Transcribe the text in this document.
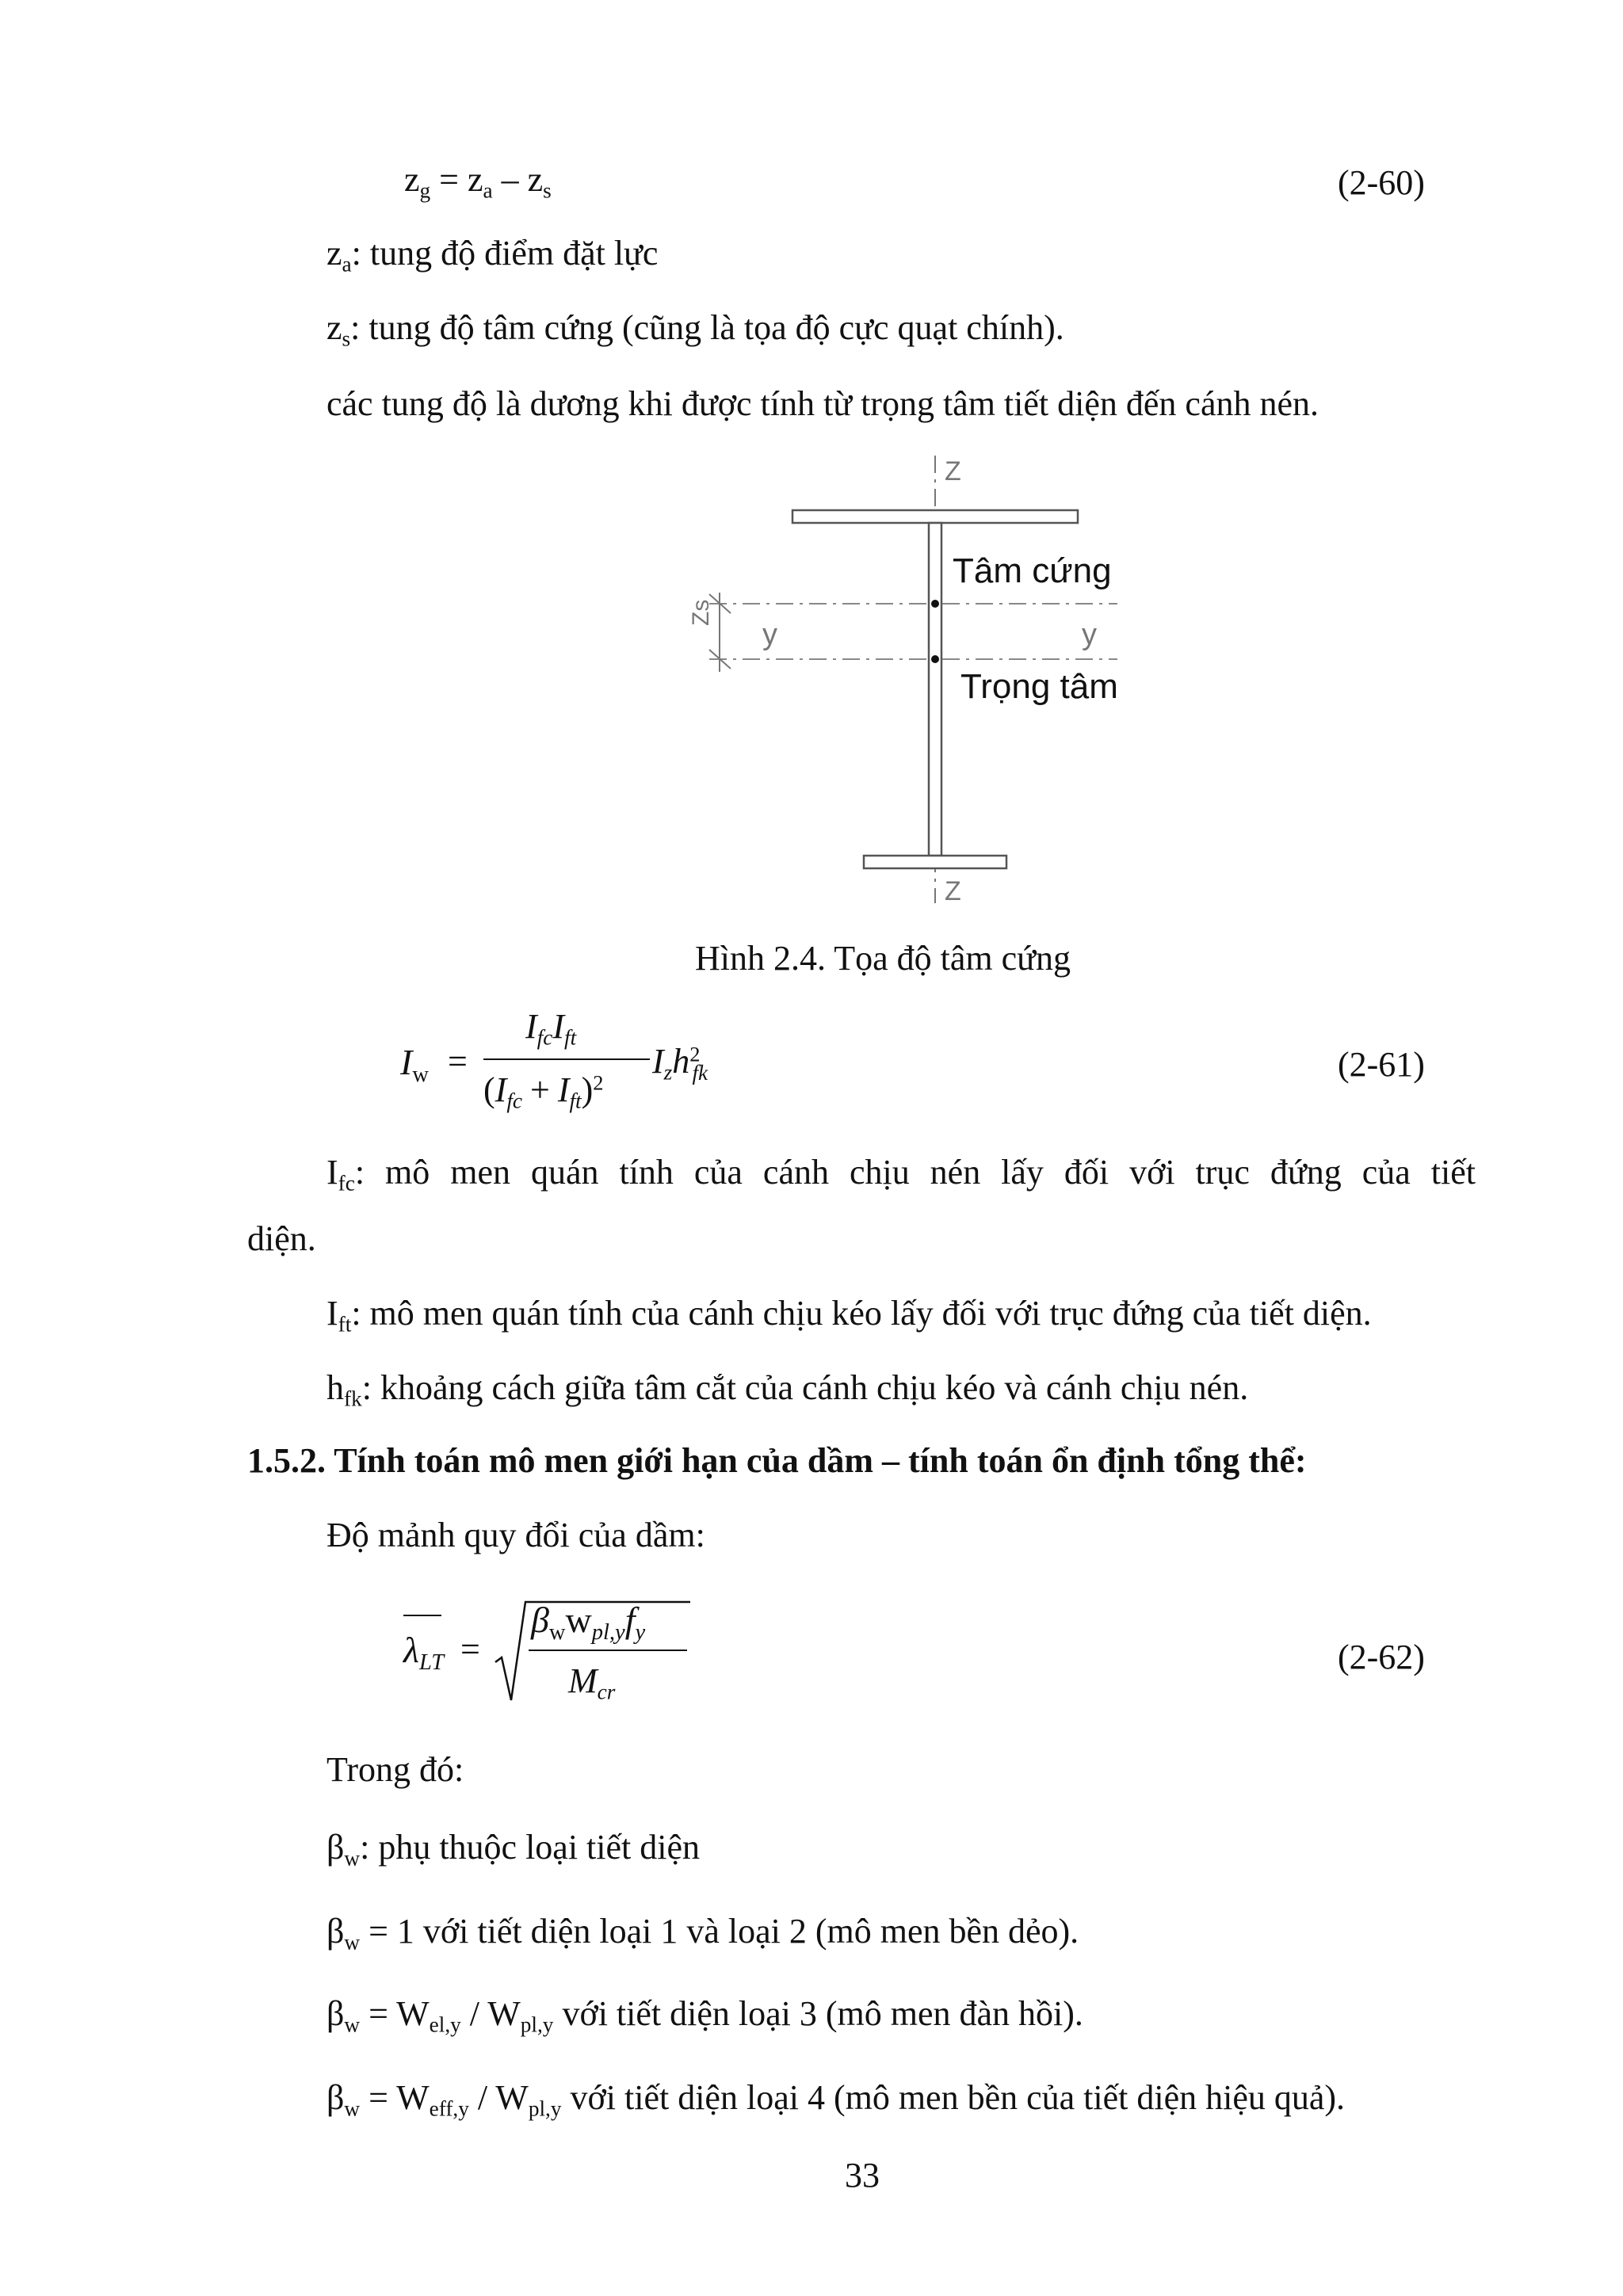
$z_g = z_a - z_s$	(2-60)
$z_a$: tung độ điểm đặt lực
$z_s$: tung độ tâm cứng (cũng là tọa độ cực quạt chính).
các tung độ là dương khi được tính từ trọng tâm tiết diện đến cánh nén.
Z
Z
Tâm cứng
Trọng tâm
y	y
Zs
Hình 2.4. Tọa độ tâm cứng
$I_w$ =
$I_{fc}I_{ft}$
$(I_{fc} + I_{ft})^2$
$I_zh^2_{fk}$	(2-61)
$I_{fc}$: mô men quán tính của cánh chịu nén lấy đối với trục đứng của tiết
diện.
$I_{ft}$: mô men quán tính của cánh chịu kéo lấy đối với trục đứng của tiết diện.
$h_{fk}$: khoảng cách giữa tâm cắt của cánh chịu kéo và cánh chịu nén.
1.5.2. Tính toán mô men giới hạn của dầm – tính toán ổn định tổng thể:
Độ mảnh quy đổi của dầm:
$\lambda_{LT}$ =
$\beta_ww_{pl,y}f_y$
$M_{cr}$
(2-62)
Trong đó:
$\beta_w$: phụ thuộc loại tiết diện
$\beta_w = 1$ với tiết diện loại 1 và loại 2 (mô men bền dẻo).
$\beta_w = W_{el,y} / W_{pl,y}$ với tiết diện loại 3 (mô men đàn hồi).
$\beta_w = W_{eff,y} / W_{pl,y}$ với tiết diện loại 4 (mô men bền của tiết diện hiệu quả).
33
